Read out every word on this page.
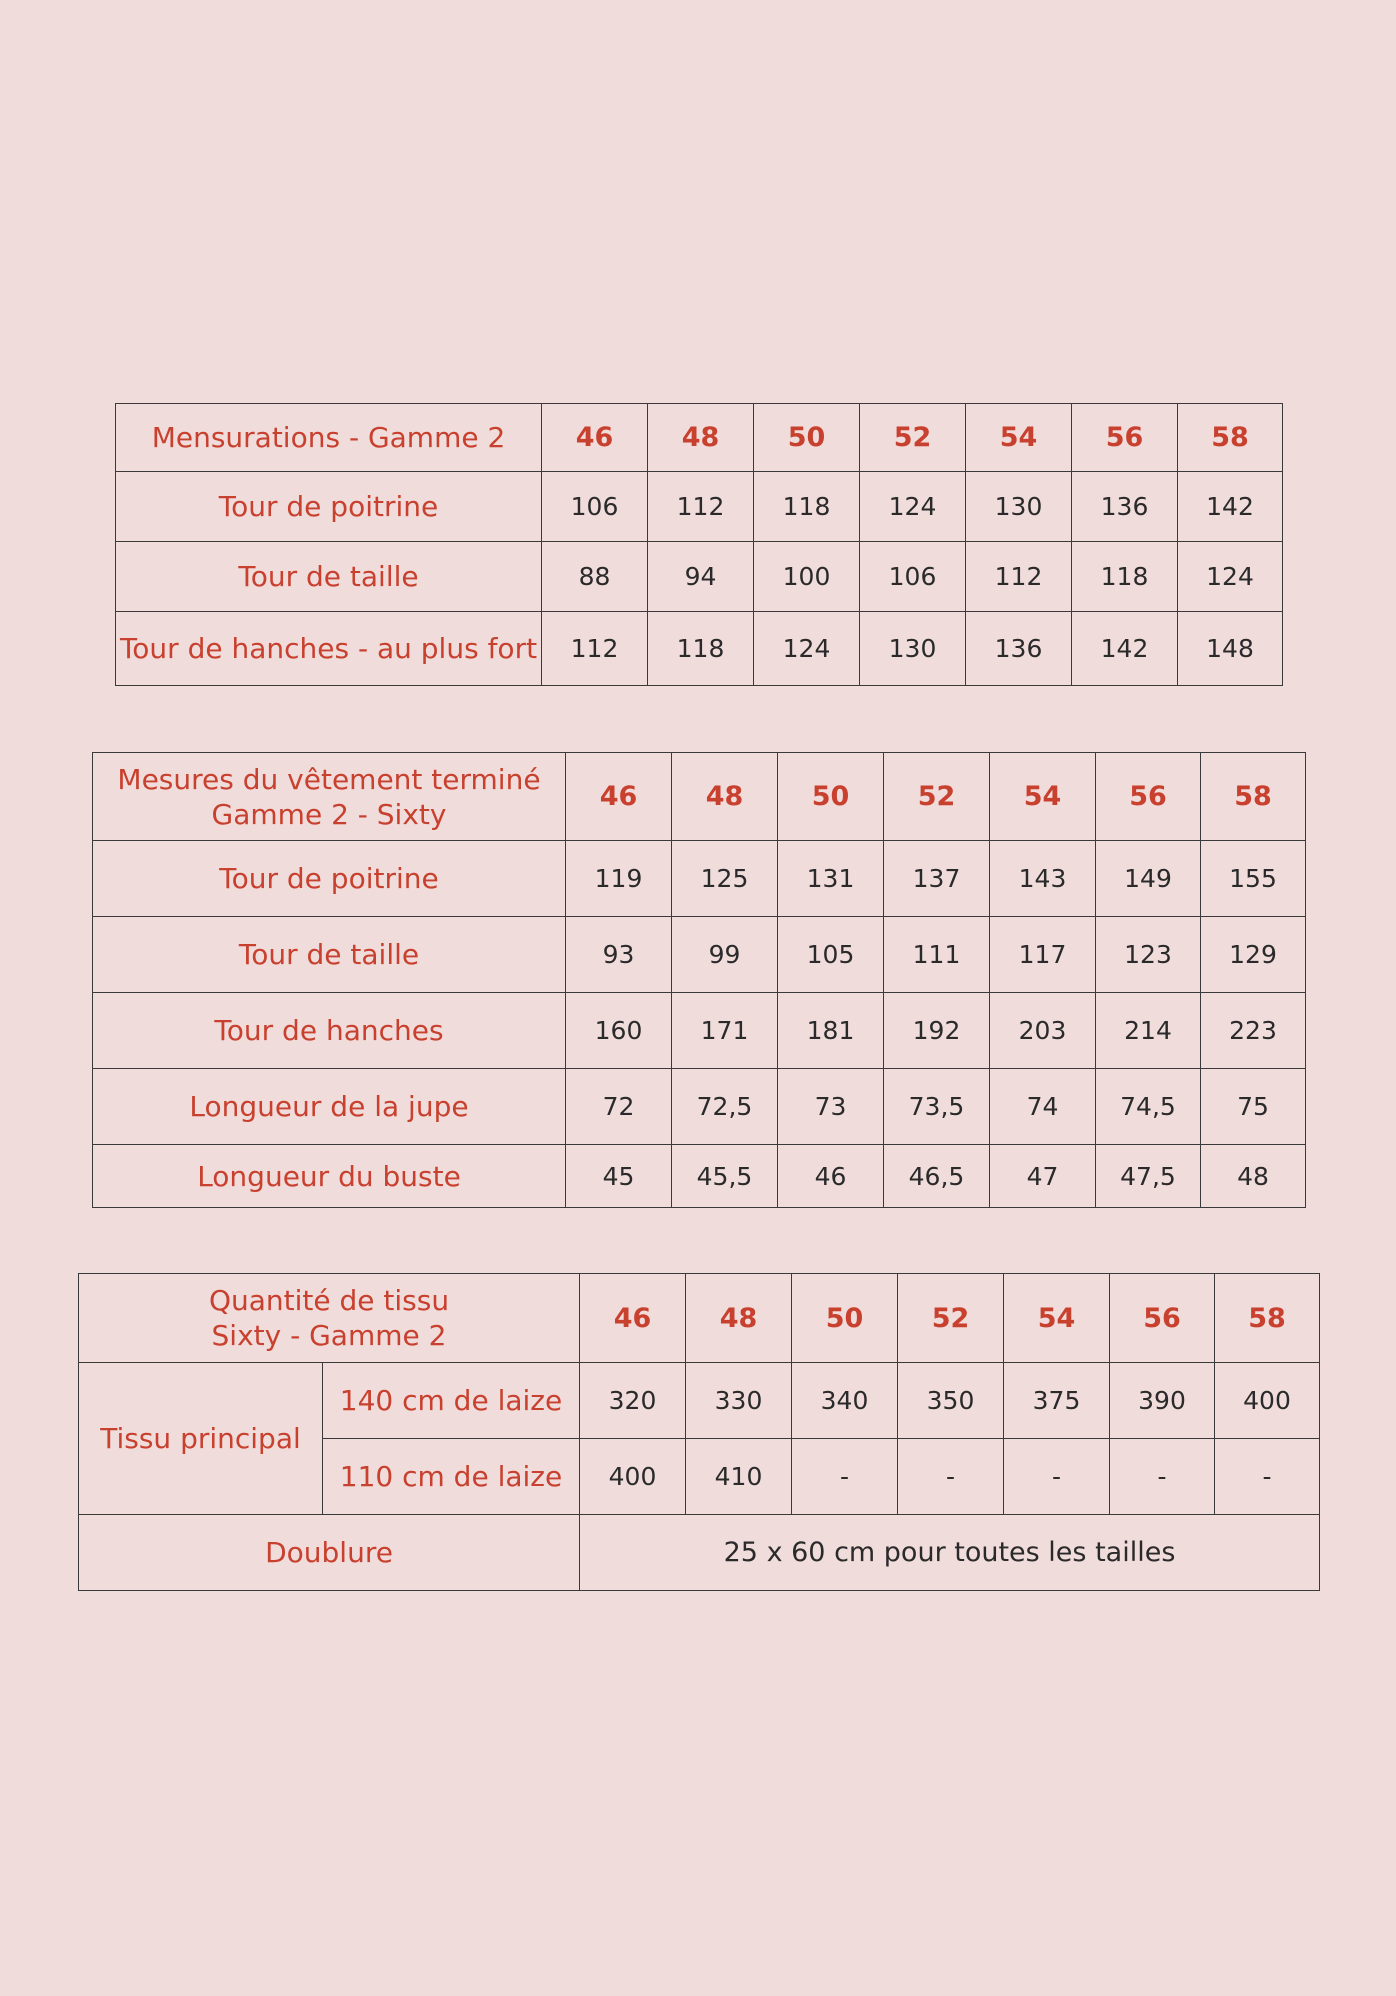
Mensurations - Gamme 2	46	48	50	52	54	56	58
Tour de poitrine	106	112	118	124	130	136	142
Tour de taille	88	94	100	106	112	118	124
Tour de hanches - au plus fort	112	118	124	130	136	142	148
Mesures du vêtement terminé
Gamme 2 - Sixty	46	48	50	52	54	56	58
Tour de poitrine	119	125	131	137	143	149	155
Tour de taille	93	99	105	111	117	123	129
Tour de hanches	160	171	181	192	203	214	223
Longueur de la jupe	72	72,5	73	73,5	74	74,5	75
Longueur du buste	45	45,5	46	46,5	47	47,5	48
Quantité de tissu
Sixty - Gamme 2		46	48	50	52	54	56	58
Tissu principal	140 cm de laize	320	330	340	350	375	390	400
	110 cm de laize	400	410	-	-	-	-	-
Doublure		25 x 60 cm pour toutes les tailles						
